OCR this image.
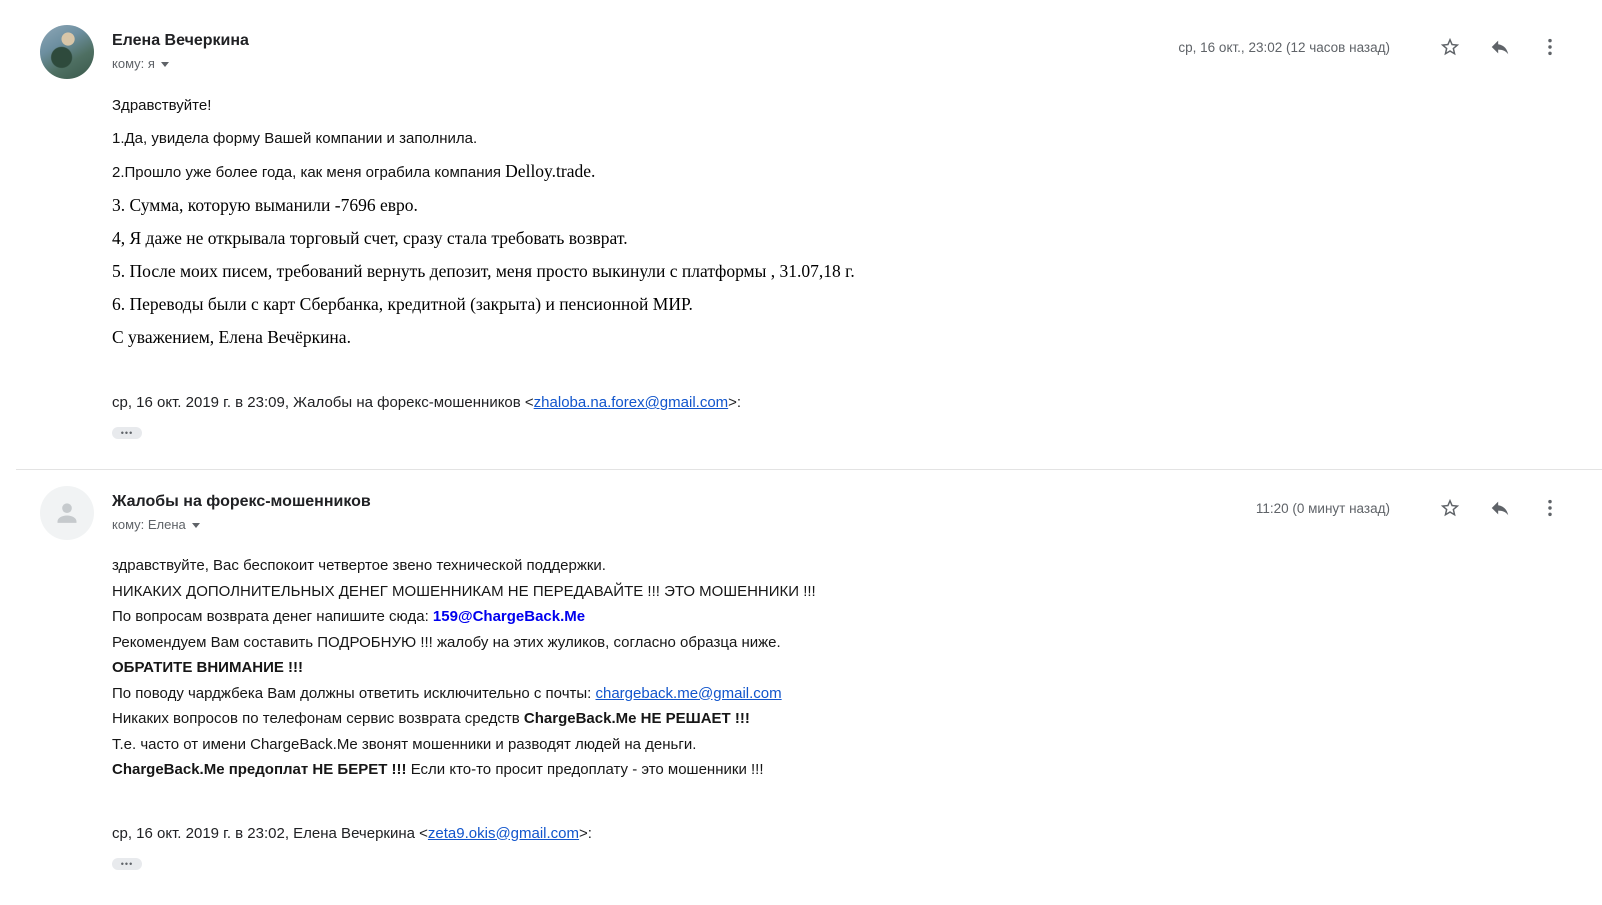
Елена Вечеркина
кому: я
ср, 16 окт., 23:02 (12 часов назад)
Здравствуйте!
1.Да, увидела форму Вашей компании и заполнила.
2.Прошло уже более года, как меня ограбила компания Delloy.trade.
3. Сумма, которую выманили -7696 евро.
4, Я даже не открывала торговый счет, сразу стала требовать возврат.
5. После моих писем, требований вернуть депозит, меня просто выкинули с платформы , 31.07,18 г.
6. Переводы были с карт Сбербанка, кредитной (закрыта) и пенсионной МИР.
С уважением, Елена Вечёркина.
ср, 16 окт. 2019 г. в 23:09, Жалобы на форекс-мошенников <zhaloba.na.forex@gmail.com>:
•••
Жалобы на форекс-мошенников
кому: Елена
11:20 (0 минут назад)
здравствуйте, Вас беспокоит четвертое звено технической поддержки.
НИКАКИХ ДОПОЛНИТЕЛЬНЫХ ДЕНЕГ МОШЕННИКАМ НЕ ПЕРЕДАВАЙТЕ !!! ЭТО МОШЕННИКИ !!!
По вопросам возврата денег напишите сюда: 159@ChargeBack.Me
Рекомендуем Вам составить ПОДРОБНУЮ !!! жалобу на этих жуликов, согласно образца ниже.
ОБРАТИТЕ ВНИМАНИЕ !!!
По поводу чарджбека Вам должны ответить исключительно с почты: chargeback.me@gmail.com
Никаких вопросов по телефонам сервис возврата средств ChargeBack.Me НЕ РЕШАЕТ !!!
Т.е. часто от имени ChargeBack.Me звонят мошенники и разводят людей на деньги.
ChargeBack.Me предоплат НЕ БЕРЕТ !!! Если кто-то просит предоплату - это мошенники !!!
ср, 16 окт. 2019 г. в 23:02, Елена Вечеркина <zeta9.okis@gmail.com>:
•••
